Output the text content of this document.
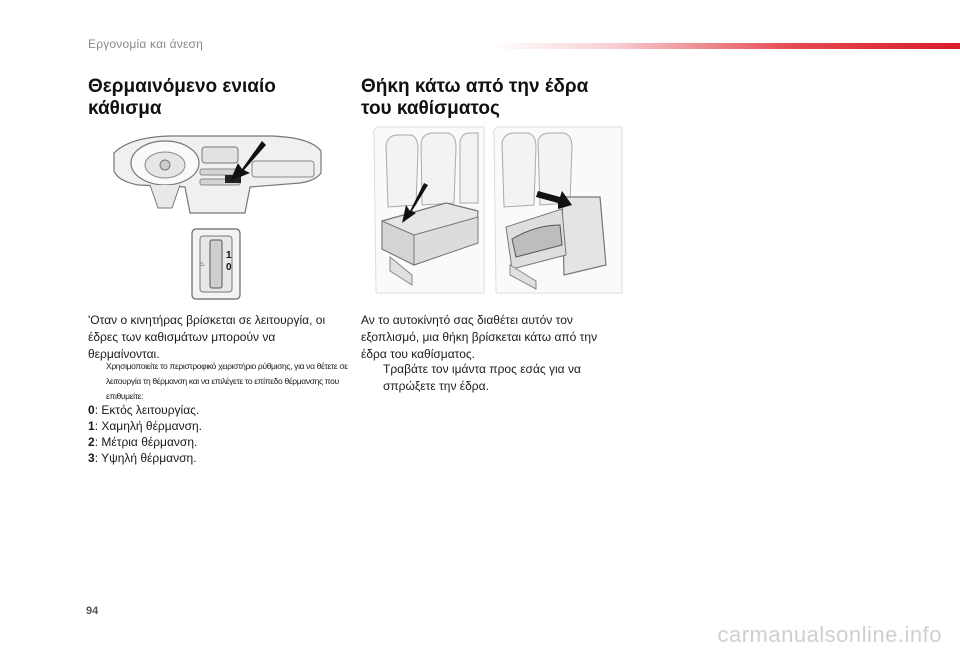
Εργονομία και άνεση
Θερμαινόμενο ενιαίο
κάθισμα
♨
1
0

'Οταν ο κινητήρας βρίσκεται σε λειτουργία, οι
έδρες των καθισμάτων μπορούν να θερμαίνονται.

Χρησιμοποιείτε το περιστροφικό χειριστήριο ρύθμισης, για να θέτετε σε
λειτουργία τη θέρμανση και να επιλέγετε το επίπεδο θέρμανσης που επιθυμείτε:
0: Εκτός λειτουργίας.
1: Χαμηλή θέρμανση.
2: Μέτρια θέρμανση.
3: Υψηλή θέρμανση.
Θήκη κάτω από την έδρα
του καθίσματος

Αν το αυτοκίνητό σας διαθέτει αυτόν τον
εξοπλισμό, μια θήκη βρίσκεται κάτω από την
έδρα του καθίσματος.

Τραβάτε τον ιμάντα προς εσάς για να
σπρώξετε την έδρα.
94
carmanualsonline.info
